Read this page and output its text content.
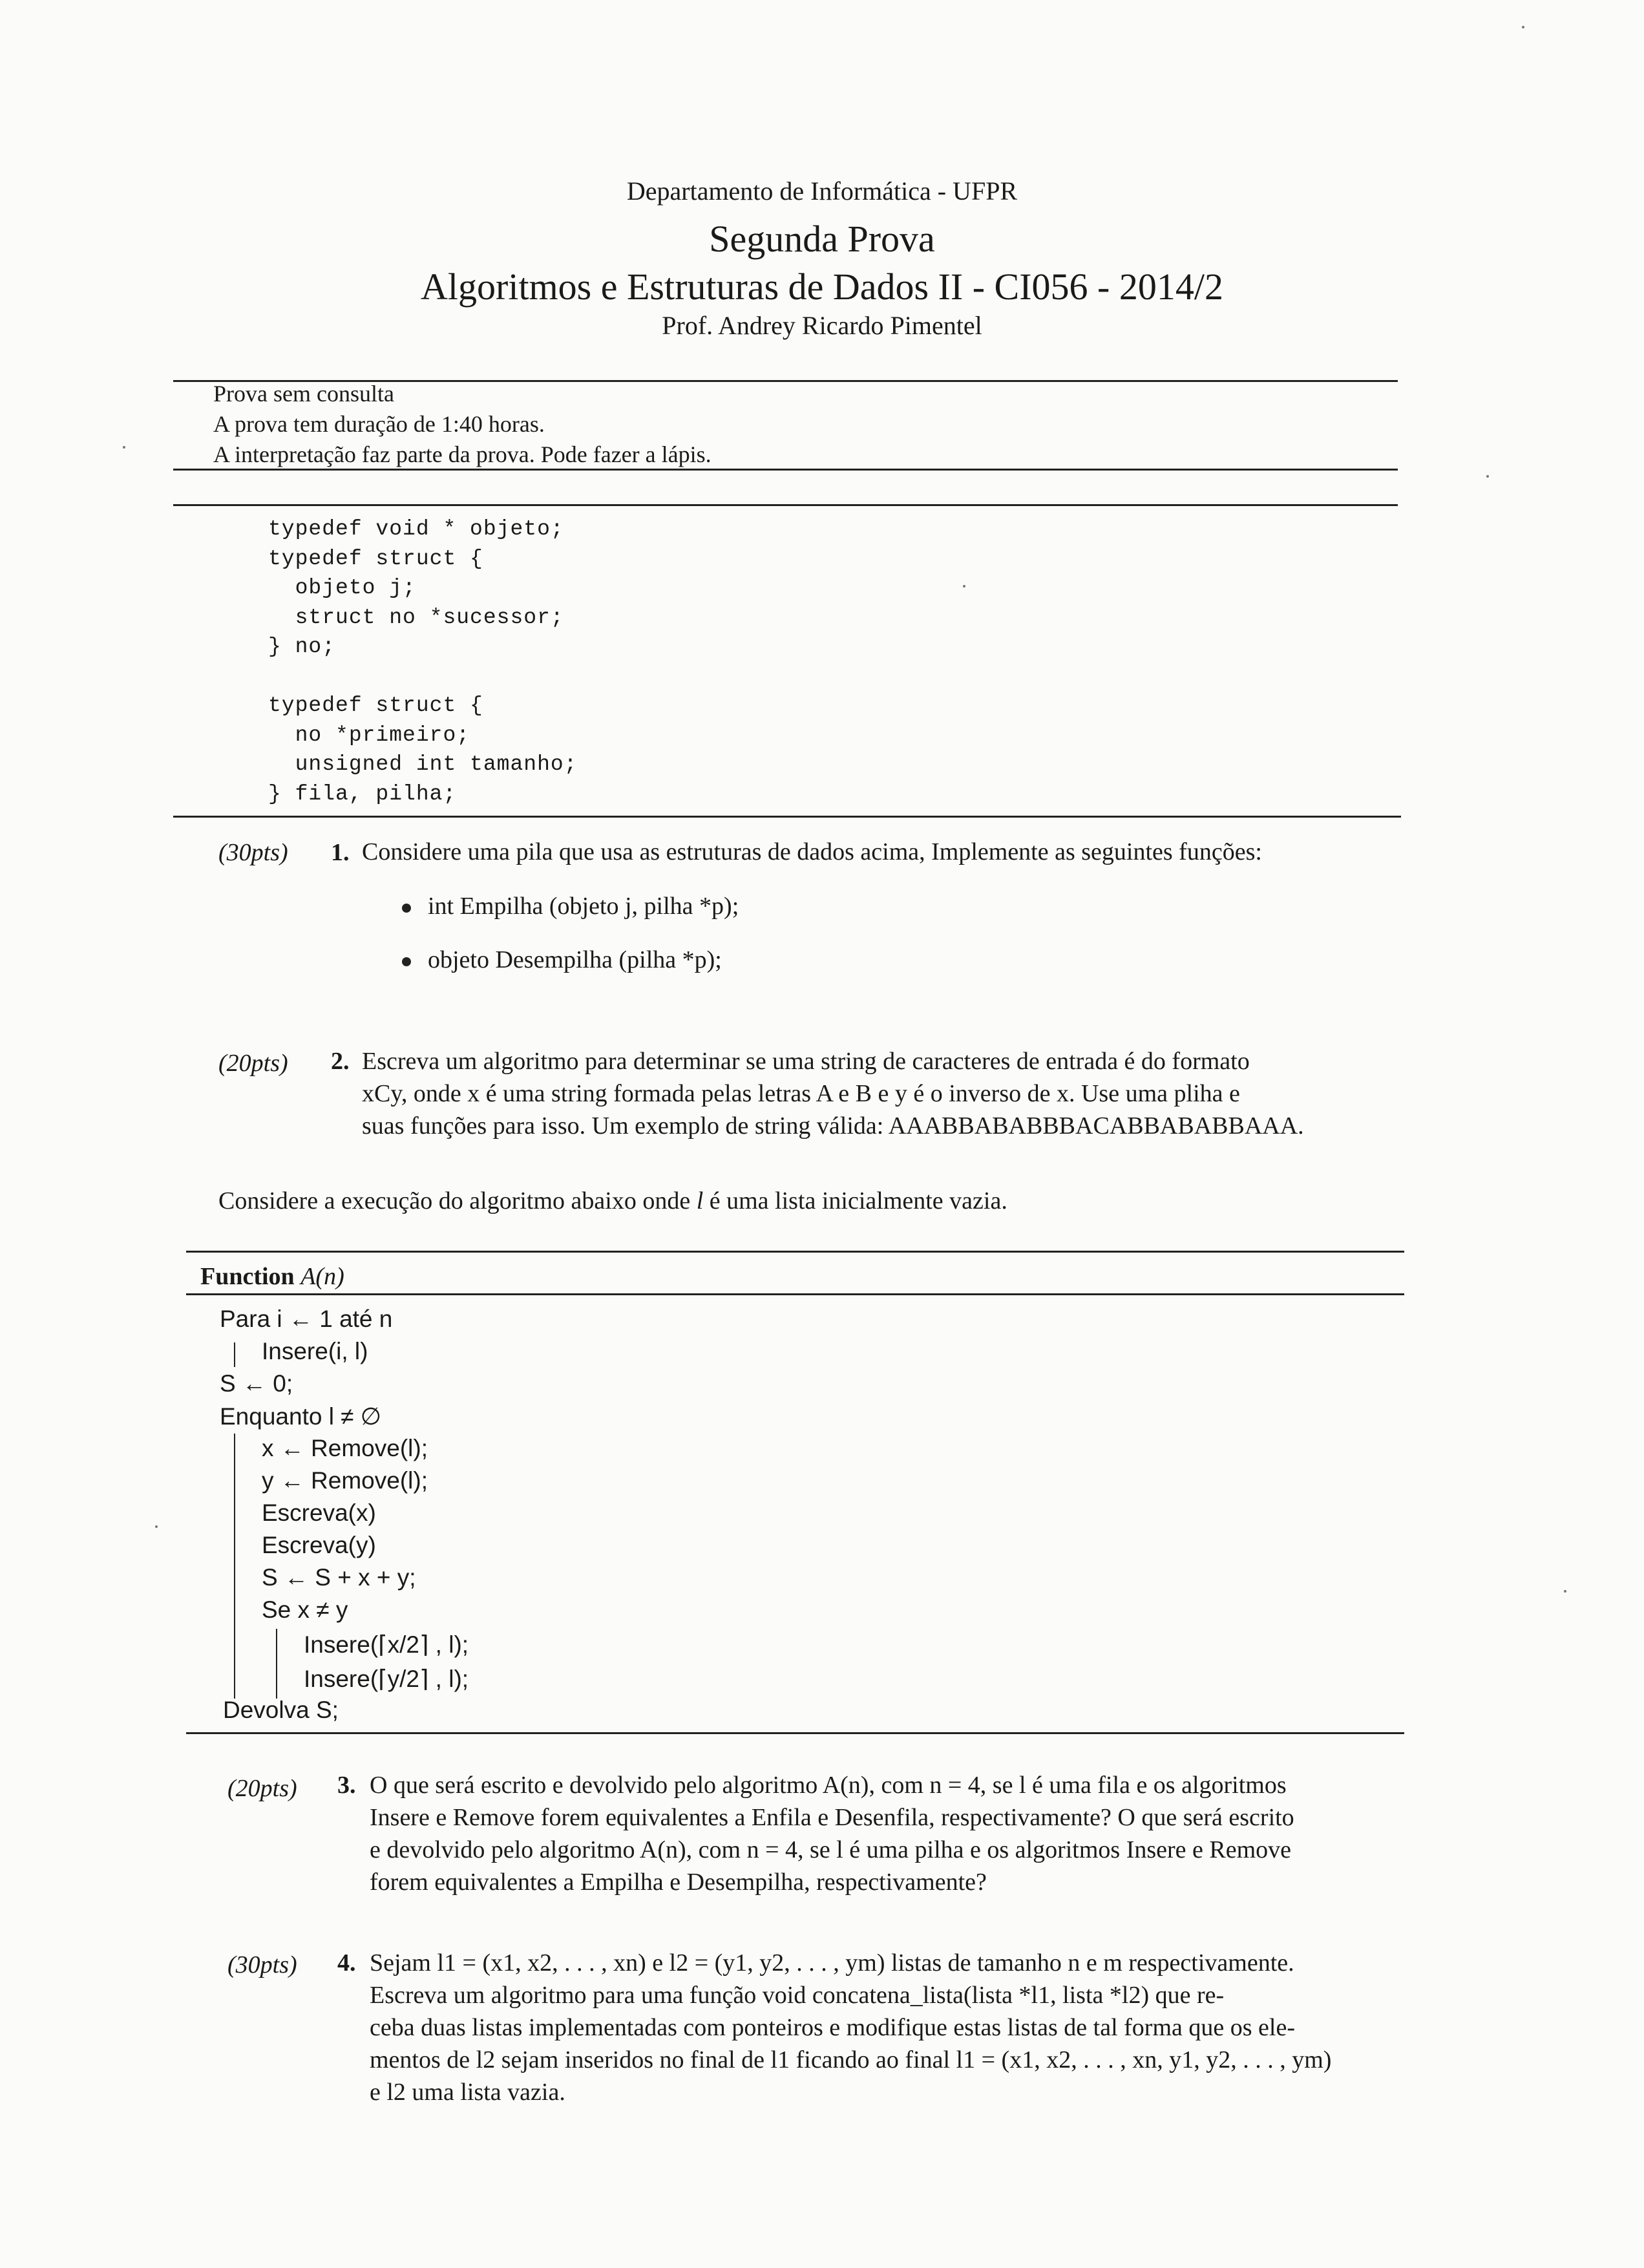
Departamento de Informática - UFPR
Segunda Prova
Algoritmos e Estruturas de Dados II - CI056 - 2014/2
Prof. Andrey Ricardo Pimentel
Prova sem consulta
A prova tem duração de 1:40 horas.
A interpretação faz parte da prova. Pode fazer a lápis.
typedef void * objeto;
typedef struct {
objeto j;
struct no *sucessor;
} no;

typedef struct {
no *primeiro;
unsigned int tamanho;
} fila, pilha;
(30pts) 1. Considere uma pila que usa as estruturas de dados acima, Implemente as seguintes funções:
int Empilha (objeto j, pilha *p);
objeto Desempilha (pilha *p);
(20pts) 2. Escreva um algoritmo para determinar se uma string de caracteres de entrada é do formato
xCy, onde x é uma string formada pelas letras A e B e y é o inverso de x. Use uma pliha e
suas funções para isso. Um exemplo de string válida: AAABBABABBBACABBABABBAAA.
Considere a execução do algoritmo abaixo onde l é uma lista inicialmente vazia.
Function A(n)
Para i ← 1 até n
Insere(i, l)
S ← 0;
Enquanto l ≠ ∅
x ← Remove(l);
y ← Remove(l);
Escreva(x)
Escreva(y)
S ← S + x + y;
Se x ≠ y
Insere(⌈x/2⌉ , l);
Insere(⌈y/2⌉ , l);
Devolva S;
(20pts) 3. O que será escrito e devolvido pelo algoritmo A(n), com n = 4, se l é uma fila e os algoritmos
Insere e Remove forem equivalentes a Enfila e Desenfila, respectivamente? O que será escrito
e devolvido pelo algoritmo A(n), com n = 4, se l é uma pilha e os algoritmos Insere e Remove
forem equivalentes a Empilha e Desempilha, respectivamente?
(30pts) 4. Sejam l1 = (x1, x2, . . . , xn) e l2 = (y1, y2, . . . , ym) listas de tamanho n e m respectivamente.
Escreva um algoritmo para uma função void concatena_lista(lista *l1, lista *l2) que re-
ceba duas listas implementadas com ponteiros e modifique estas listas de tal forma que os ele-
mentos de l2 sejam inseridos no final de l1 ficando ao final l1 = (x1, x2, . . . , xn, y1, y2, . . . , ym)
e l2 uma lista vazia.
